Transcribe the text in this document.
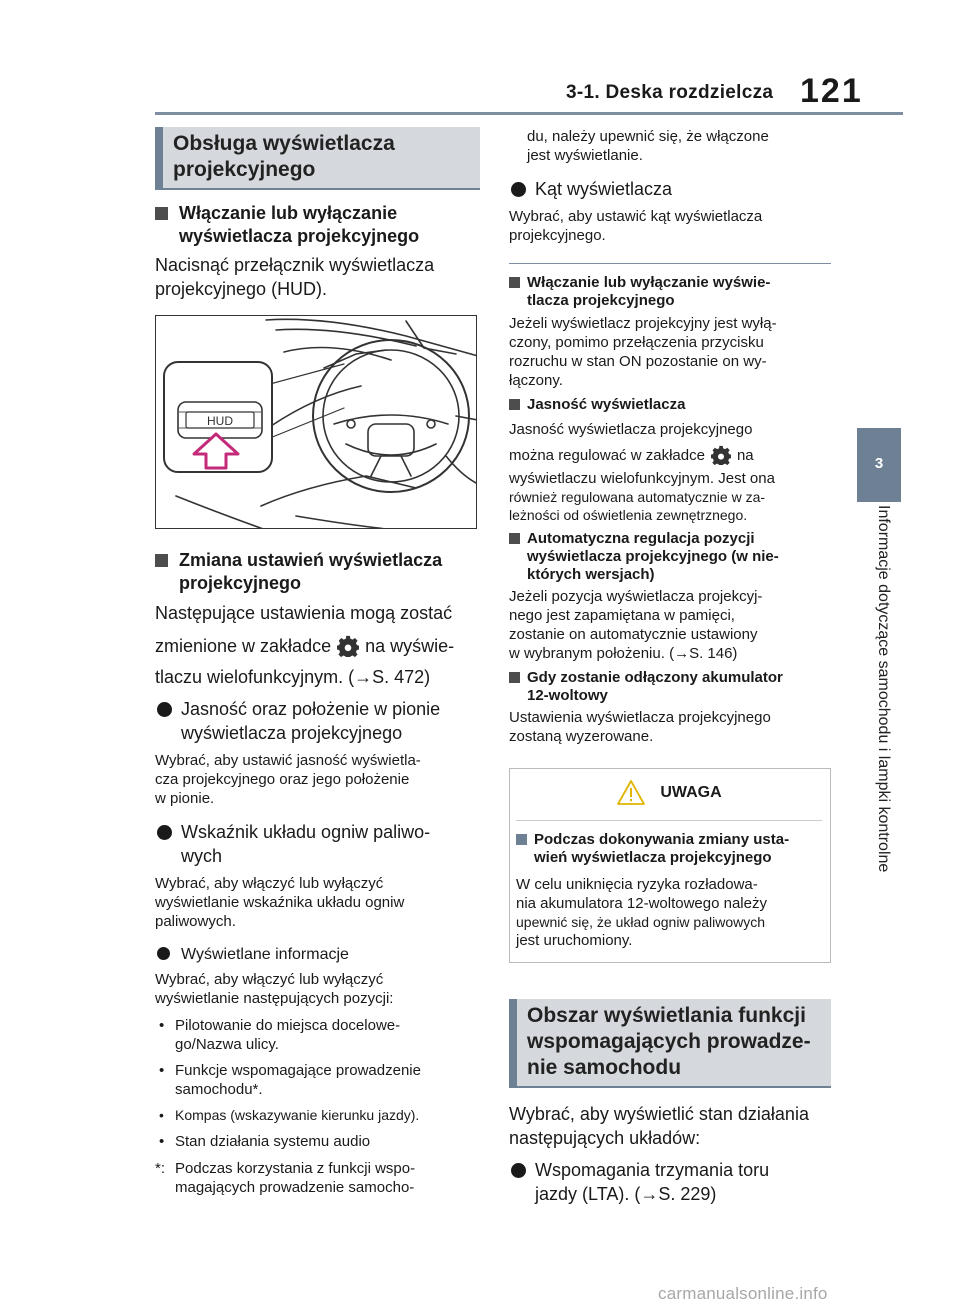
3-1. Deska rozdzielcza 121
3
Informacje dotyczące samochodu i lampki kontrolne
Obsługa wyświetlacza
projekcyjnego
Włączanie lub wyłączanie
wyświetlacza projekcyjnego
Nacisnąć przełącznik wyświetlacza
projekcyjnego (HUD).
HUD
Zmiana ustawień wyświetlacza
projekcyjnego
Następujące ustawienia mogą zostać
zmienione w zakładce na wyświe-
tlaczu wielofunkcyjnym. (→S. 472)
Jasność oraz położenie w pionie
wyświetlacza projekcyjnego
Wybrać, aby ustawić jasność wyświetla-
cza projekcyjnego oraz jego położenie
w pionie.
Wskaźnik układu ogniw paliwo-
wych
Wybrać, aby włączyć lub wyłączyć
wyświetlanie wskaźnika układu ogniw
paliwowych.
Wyświetlane informacje
Wybrać, aby włączyć lub wyłączyć
wyświetlanie następujących pozycji:
• Pilotowanie do miejsca docelowe-
go/Nazwa ulicy.
• Funkcje wspomagające prowadzenie
samochodu*.
• Kompas (wskazywanie kierunku jazdy).
• Stan działania systemu audio
*: Podczas korzystania z funkcji wspo-
magających prowadzenie samocho-
du, należy upewnić się, że włączone
jest wyświetlanie.
Kąt wyświetlacza
Wybrać, aby ustawić kąt wyświetlacza
projekcyjnego.
Włączanie lub wyłączanie wyświe-
tlacza projekcyjnego
Jeżeli wyświetlacz projekcyjny jest wyłą-
czony, pomimo przełączenia przycisku
rozruchu w stan ON pozostanie on wy-
łączony.
Jasność wyświetlacza
Jasność wyświetlacza projekcyjnego
można regulować w zakładce na
wyświetlaczu wielofunkcyjnym. Jest ona
również regulowana automatycznie w za-
leżności od oświetlenia zewnętrznego.
Automatyczna regulacja pozycji
wyświetlacza projekcyjnego (w nie-
których wersjach)
Jeżeli pozycja wyświetlacza projekcyj-
nego jest zapamiętana w pamięci,
zostanie on automatycznie ustawiony
w wybranym położeniu. (→S. 146)
Gdy zostanie odłączony akumulator
12-woltowy
Ustawienia wyświetlacza projekcyjnego
zostaną wyzerowane.
UWAGA
Podczas dokonywania zmiany usta-
wień wyświetlacza projekcyjnego
W celu uniknięcia ryzyka rozładowa-
nia akumulatora 12-woltowego należy
upewnić się, że układ ogniw paliwowych
jest uruchomiony.
Obszar wyświetlania funkcji
wspomagających prowadze-
nie samochodu
Wybrać, aby wyświetlić stan działania
następujących układów:
Wspomagania trzymania toru
jazdy (LTA). (→S. 229)
carmanualsonline.info
